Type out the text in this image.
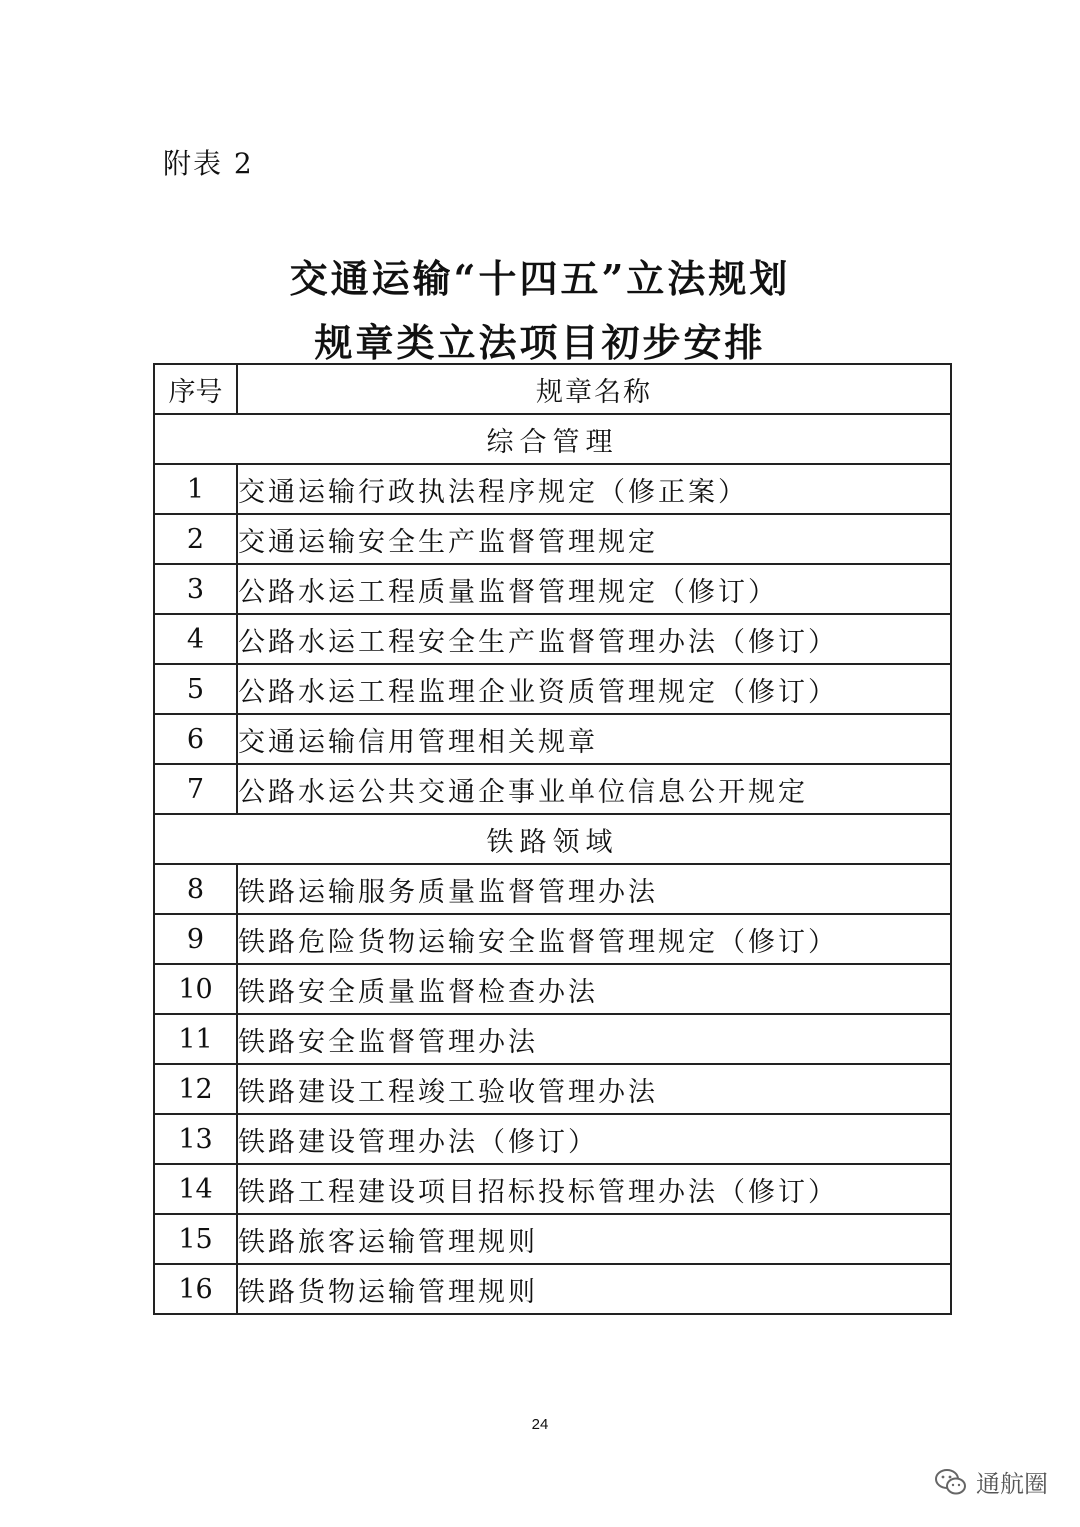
附表 2
交通运输“十四五”立法规划
规章类立法项目初步安排
序号	规章名称
综合管理	
1	交通运输行政执法程序规定（修正案）
2	交通运输安全生产监督管理规定
3	公路水运工程质量监督管理规定（修订）
4	公路水运工程安全生产监督管理办法（修订）
5	公路水运工程监理企业资质管理规定（修订）
6	交通运输信用管理相关规章
7	公路水运公共交通企事业单位信息公开规定
铁路领域	
8	铁路运输服务质量监督管理办法
9	铁路危险货物运输安全监督管理规定（修订）
10	铁路安全质量监督检查办法
11	铁路安全监督管理办法
12	铁路建设工程竣工验收管理办法
13	铁路建设管理办法（修订）
14	铁路工程建设项目招标投标管理办法（修订）
15	铁路旅客运输管理规则
16	铁路货物运输管理规则
24
通航圈
